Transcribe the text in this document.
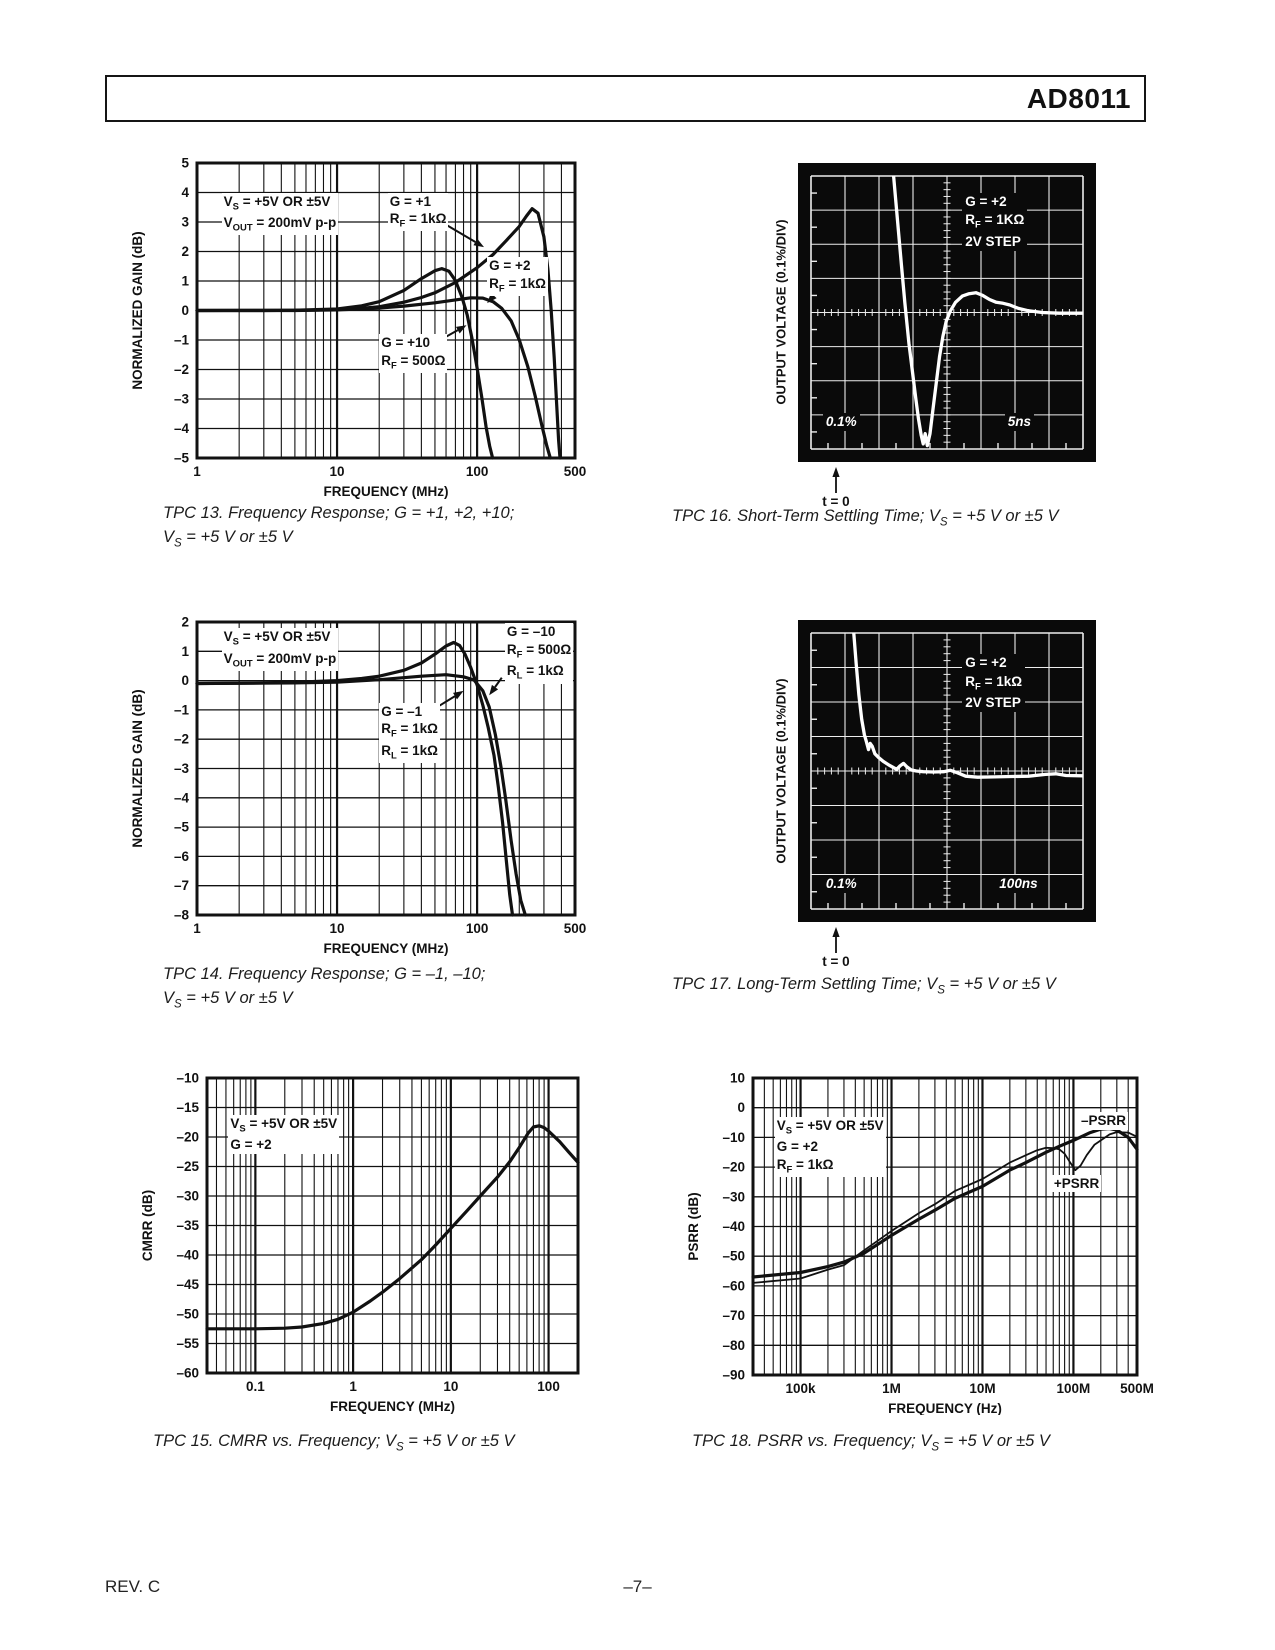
AD8011
1	10	100	500
5
4
3
2
1
0
–1
–2
–3
–4
–5
FREQUENCY (MHz)
NORMALIZED GAIN (dB)
$V_S = +5V$ OR ±5V
$V_{OUT} = 200mV$ p-p
G = +1
$R_F = 1k\Omega$
G = +2
$R_F = 1k\Omega$
G = +10
$R_F = 500\Omega$

TPC 13. Frequency Response; G = +1, +2, +10;
$V_S = +5$ V or ±5 V

OUTPUT VOLTAGE (0.1%/DIV)
G = +2
$R_F = 1K\Omega$
2V STEP
0.1%	5ns
t = 0

TPC 16. Short-Term Settling Time; $V_S = +5$ V or ±5 V

1	10	100	500
2
1
0
–1
–2
–3
–4
–5
–6
–7
–8
FREQUENCY (MHz)
NORMALIZED GAIN (dB)
$V_S = +5V$ OR ±5V
$V_{OUT} = 200mV$ p-p
G = –10
$R_F = 500\Omega$
$R_L = 1k\Omega$
G = –1
$R_F = 1k\Omega$
$R_L = 1k\Omega$

TPC 14. Frequency Response; G = –1, –10;
$V_S = +5$ V or ±5 V

OUTPUT VOLTAGE (0.1%/DIV)
G = +2
$R_F = 1k\Omega$
2V STEP
0.1%	100ns
t = 0

TPC 17. Long-Term Settling Time; $V_S = +5$ V or ±5 V

0.1	1	10	100
–10
–15
–20
–25
–30
–35
–40
–45
–50
–55
–60
FREQUENCY (MHz)
CMRR (dB)
$V_S = +5V$ OR ±5V
G = +2

TPC 15. CMRR vs. Frequency; $V_S = +5$ V or ±5 V

100k	1M	10M	100M 500M
10
0
–10
–20
–30
–40
–50
–60
–70
–80
–90
FREQUENCY (Hz)
PSRR (dB)
$V_S = +5V$ OR ±5V
G = +2
$R_F = 1k\Omega$
–PSRR
+PSRR

TPC 18. PSRR vs. Frequency; $V_S = +5$ V or ±5 V

REV. C	–7–
